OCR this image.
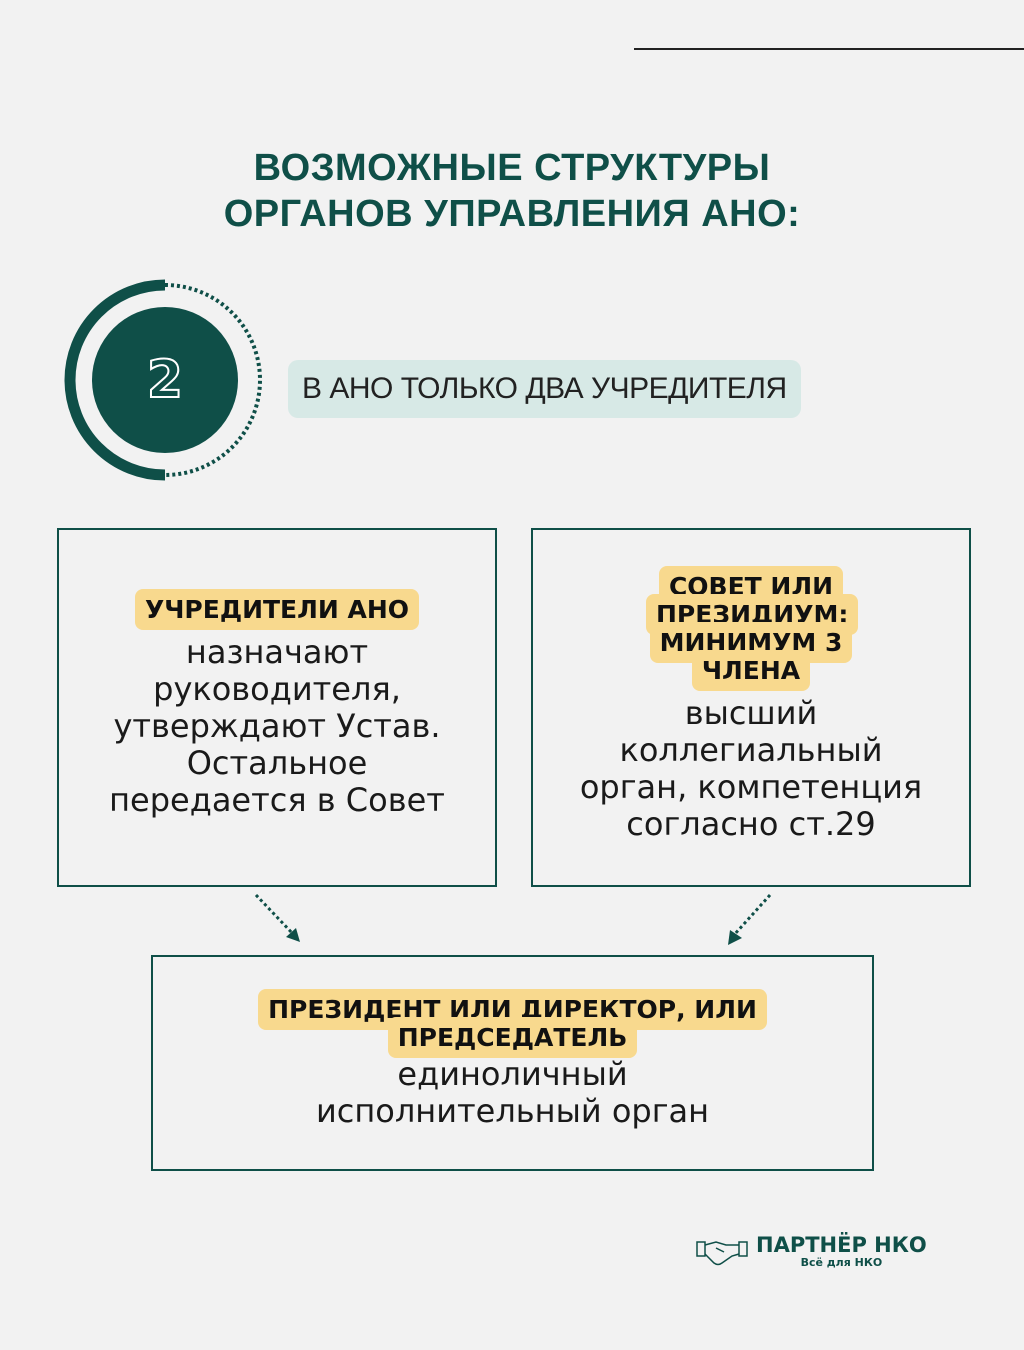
ВОЗМОЖНЫЕ СТРУКТУРЫ
ОРГАНОВ УПРАВЛЕНИЯ АНО:
2	В АНО ТОЛЬКО ДВА УЧРЕДИТЕЛЯ
УЧРЕДИТЕЛИ АНО
назначают руководителя, утверждают Устав. Остальное передается в Совет
СОВЕТ ИЛИ ПРЕЗИДИУМ: МИНИМУМ 3 ЧЛЕНА
высший коллегиальный орган, компетенция согласно ст.29
ПРЕЗИДЕНТ ИЛИ ДИРЕКТОР, ИЛИ ПРЕДСЕДАТЕЛЬ
единоличный исполнительный орган
ПАРТНЁР НКО
Всё для НКО
